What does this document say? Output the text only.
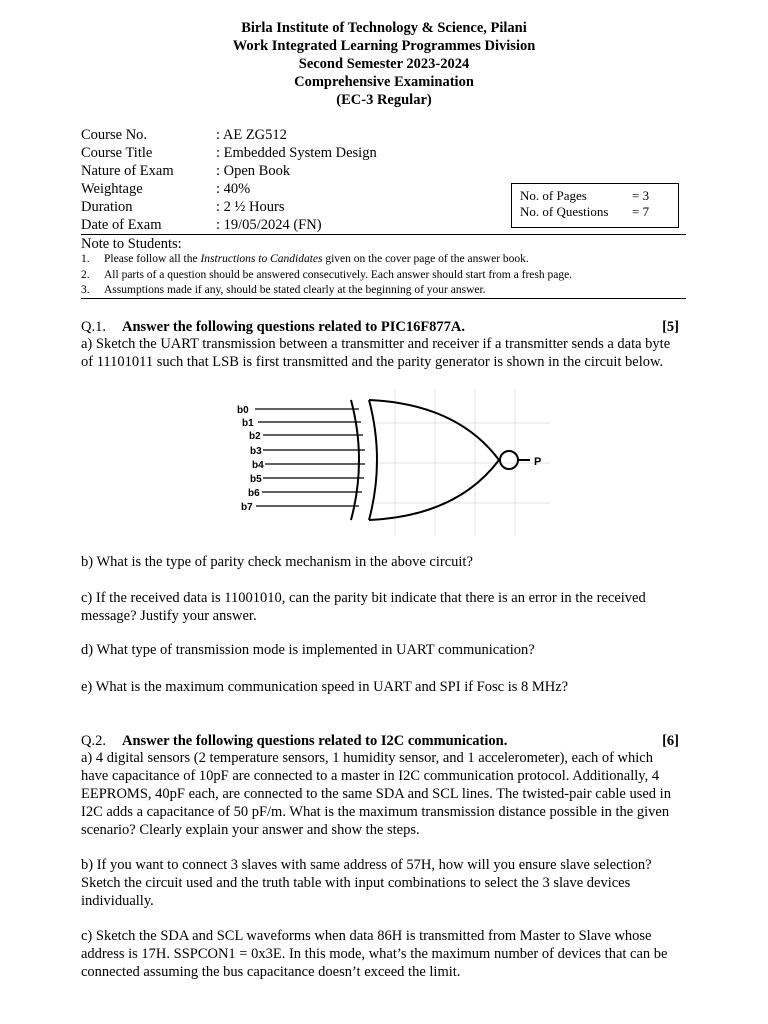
Birla Institute of Technology & Science, Pilani
Work Integrated Learning Programmes Division
Second Semester 2023-2024
Comprehensive Examination
(EC-3 Regular)
Course No.	: AE ZG512
Course Title	: Embedded System Design
Nature of Exam	: Open Book
Weightage	: 40%
Duration	: 2 ½ Hours
Date of Exam	: 19/05/2024 (FN)
No. of Pages	= 3
No. of Questions = 7
Note to Students:
1. Please follow all the Instructions to Candidates given on the cover page of the answer book.
2. All parts of a question should be answered consecutively. Each answer should start from a fresh page.
3. Assumptions made if any, should be stated clearly at the beginning of your answer.
Q.1. Answer the following questions related to PIC16F877A.	[5]
a) Sketch the UART transmission between a transmitter and receiver if a transmitter sends a data byte of 11101011 such that LSB is first transmitted and the parity generator is shown in the circuit below.
b0
b1
b2
b3
b4
b5
b6
b7
P
b) What is the type of parity check mechanism in the above circuit?
c) If the received data is 11001010, can the parity bit indicate that there is an error in the received message? Justify your answer.
d) What type of transmission mode is implemented in UART communication?
e) What is the maximum communication speed in UART and SPI if Fosc is 8 MHz?
Q.2. Answer the following questions related to I2C communication.	[6]
a) 4 digital sensors (2 temperature sensors, 1 humidity sensor, and 1 accelerometer), each of which have capacitance of 10pF are connected to a master in I2C communication protocol. Additionally, 4 EEPROMS, 40pF each, are connected to the same SDA and SCL lines. The twisted-pair cable used in I2C adds a capacitance of 50 pF/m. What is the maximum transmission distance possible in the given scenario? Clearly explain your answer and show the steps.
b) If you want to connect 3 slaves with same address of 57H, how will you ensure slave selection? Sketch the circuit used and the truth table with input combinations to select the 3 slave devices individually.
c) Sketch the SDA and SCL waveforms when data 86H is transmitted from Master to Slave whose address is 17H. SSPCON1 = 0x3E. In this mode, what’s the maximum number of devices that can be connected assuming the bus capacitance doesn’t exceed the limit.
